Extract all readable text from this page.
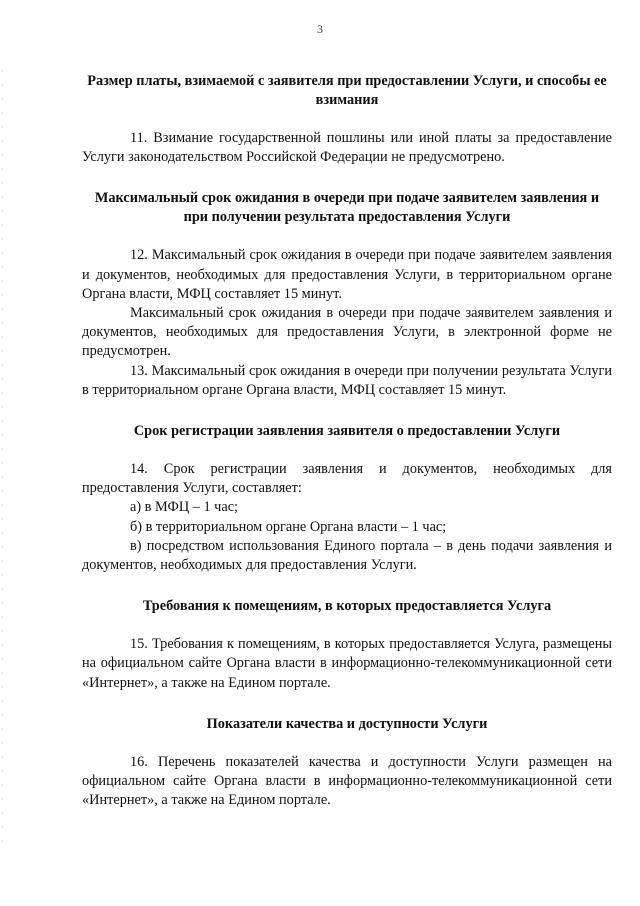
3
Размер платы, взимаемой с заявителя при предоставлении Услуги, и способы ее взимания

11. Взимание государственной пошлины или иной платы за предоставление Услуги законодательством Российской Федерации не предусмотрено.

Максимальный срок ожидания в очереди при подаче заявителем заявления и при получении результата предоставления Услуги

12. Максимальный срок ожидания в очереди при подаче заявителем заявления и документов, необходимых для предоставления Услуги, в территориальном органе Органа власти, МФЦ составляет 15 минут.

Максимальный срок ожидания в очереди при подаче заявителем заявления и документов, необходимых для предоставления Услуги, в электронной форме не предусмотрен.

13. Максимальный срок ожидания в очереди при получении результата Услуги в территориальном органе Органа власти, МФЦ составляет 15 минут.

Срок регистрации заявления заявителя о предоставлении Услуги

14. Срок регистрации заявления и документов, необходимых для предоставления Услуги, составляет:

а) в МФЦ – 1 час;

б) в территориальном органе Органа власти – 1 час;

в) посредством использования Единого портала – в день подачи заявления и документов, необходимых для предоставления Услуги.

Требования к помещениям, в которых предоставляется Услуга

15. Требования к помещениям, в которых предоставляется Услуга, размещены на официальном сайте Органа власти в информационно-телекоммуникационной сети «Интернет», а также на Едином портале.

Показатели качества и доступности Услуги

16. Перечень показателей качества и доступности Услуги размещен на официальном сайте Органа власти в информационно-телекоммуникационной сети «Интернет», а также на Едином портале.
